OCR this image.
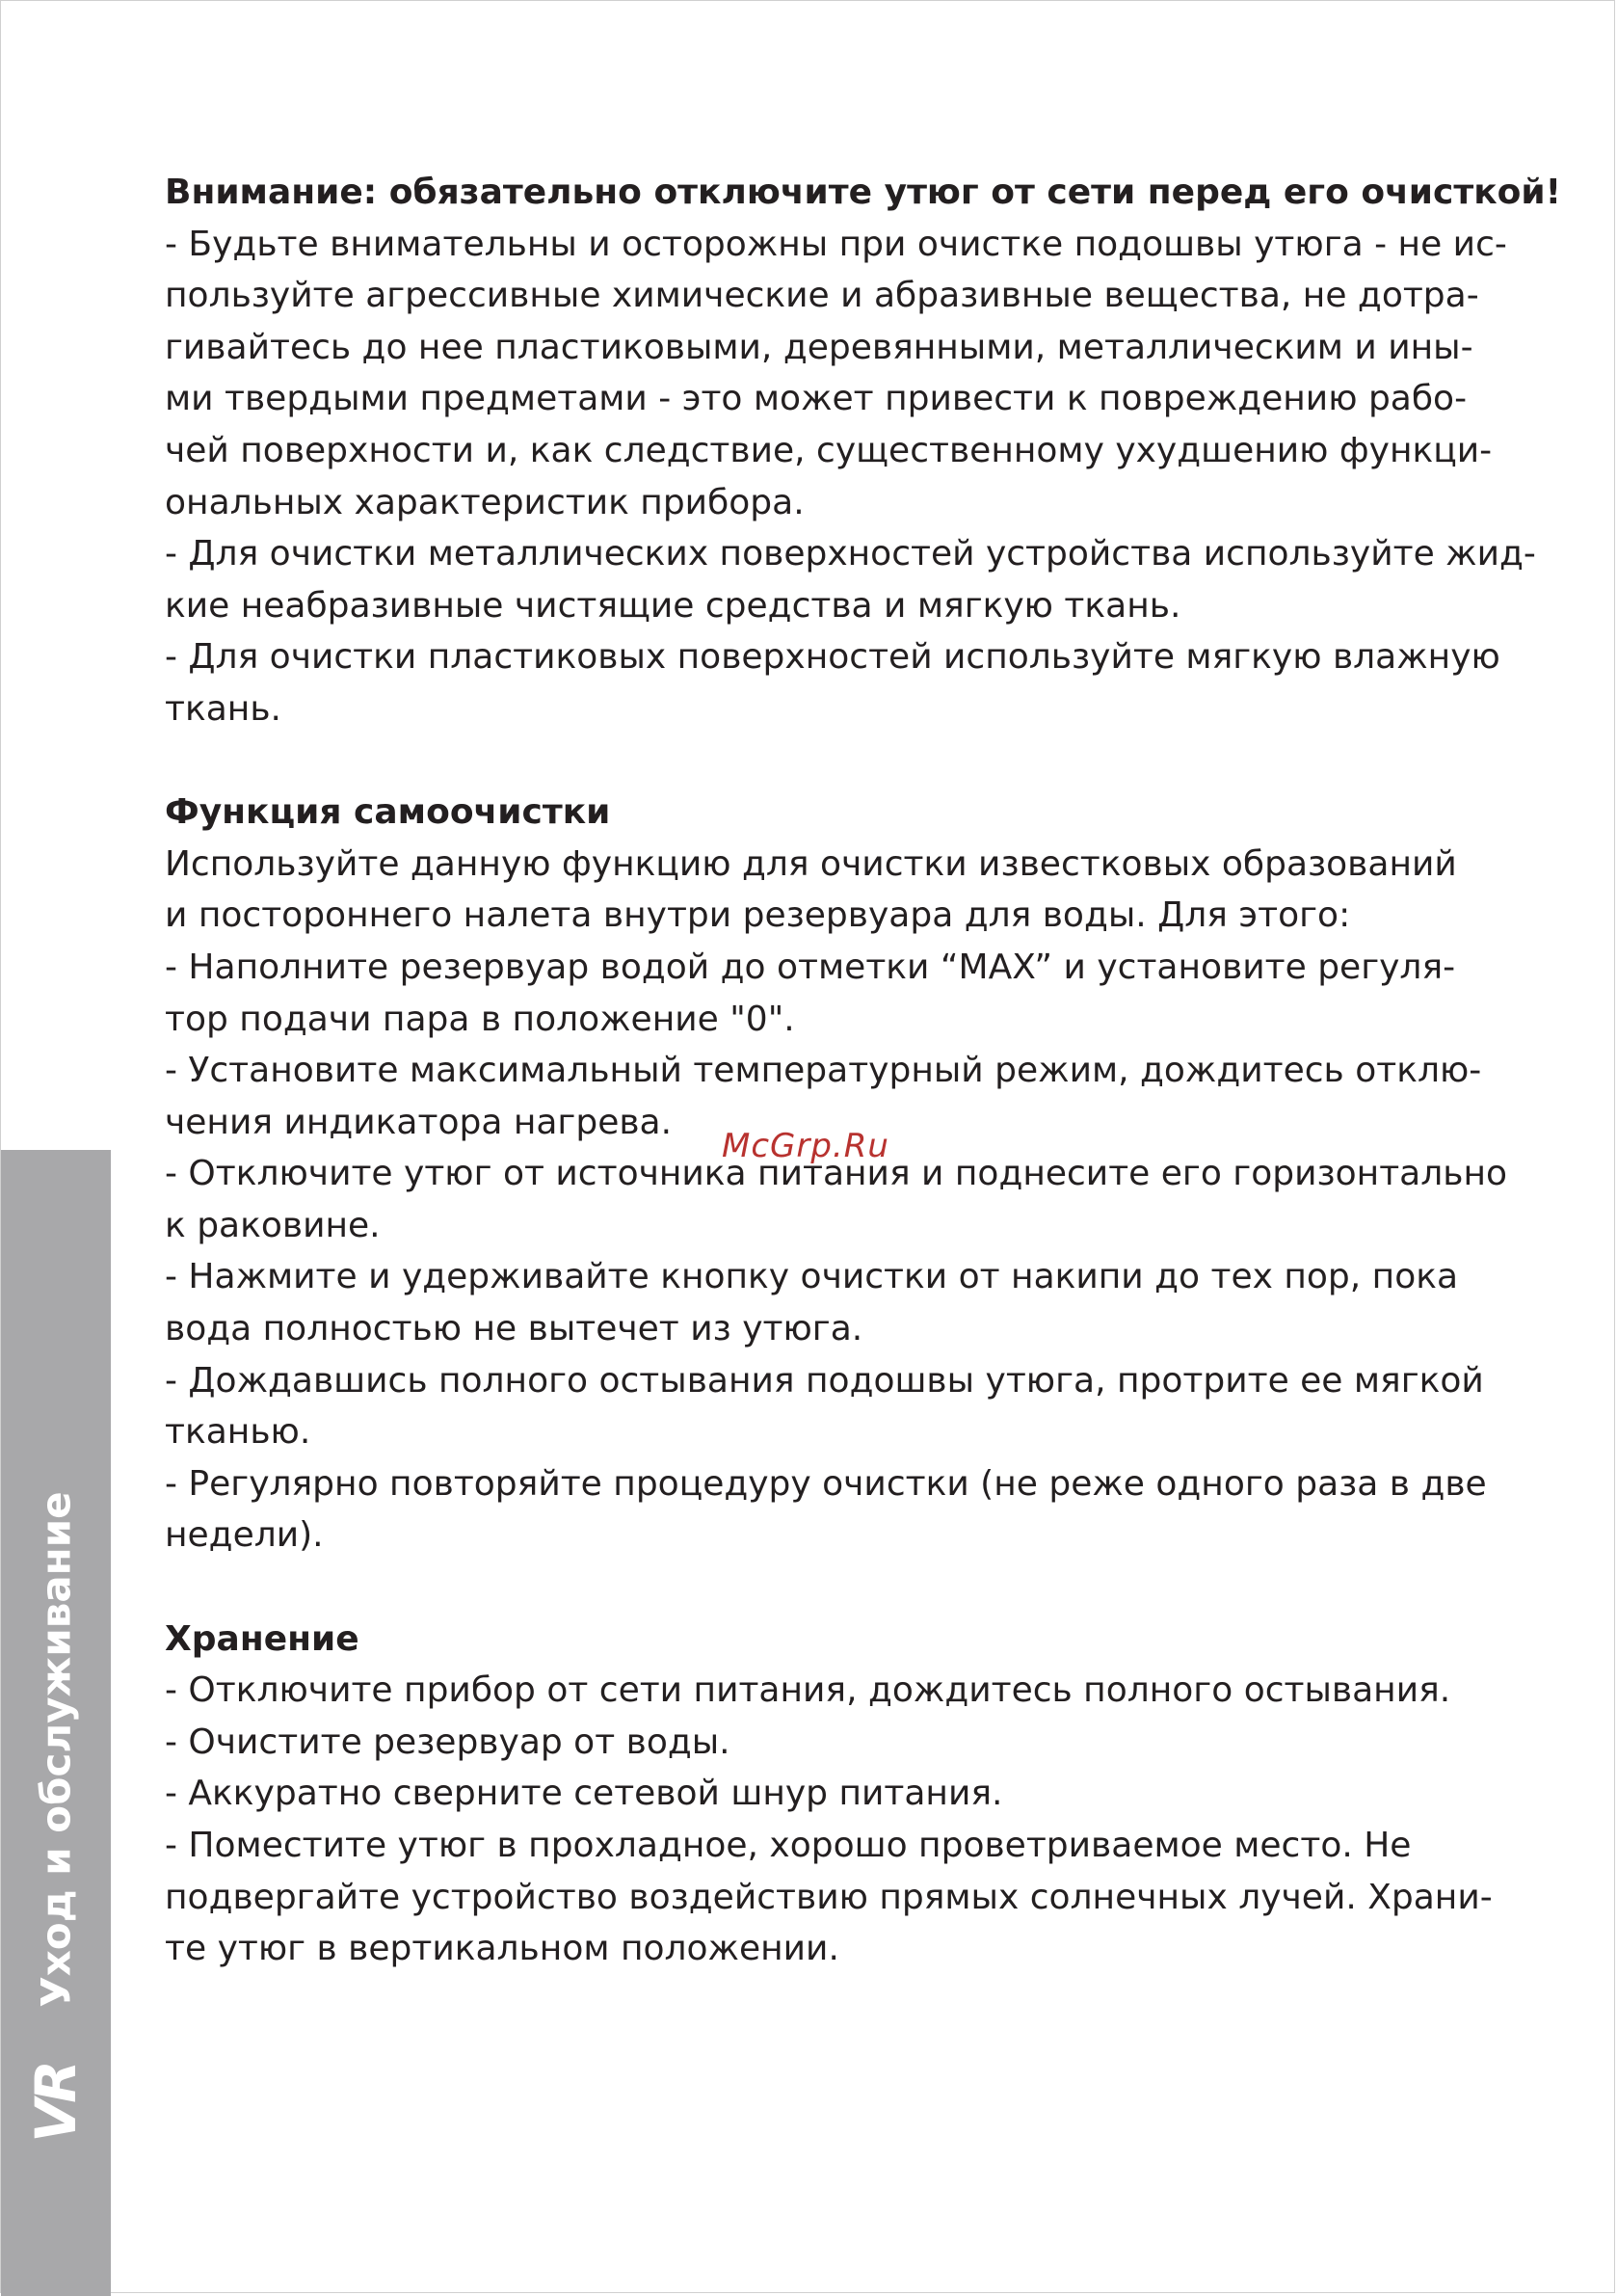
Внимание: обязательно отключите утюг от сети перед его очисткой!

- Будьте внимательны и осторожны при очистке подошвы утюга - не ис-

пользуйте агрессивные химические и абразивные вещества, не дотра-

гивайтесь до нее пластиковыми, деревянными, металлическим и ины-

ми твердыми предметами - это может привести к повреждению рабо-

чей поверхности и, как следствие, существенному ухудшению функци-

ональных характеристик прибора.

- Для очистки металлических поверхностей устройства используйте жид-

кие неабразивные чистящие средства и мягкую ткань.

- Для очистки пластиковых поверхностей используйте мягкую влажную

ткань.

Функция самоочистки

Используйте данную функцию для очистки известковых образований

и постороннего налета внутри резервуара для воды. Для этого:

- Наполните резервуар водой до отметки “MAX” и установите регуля-

тор подачи пара в положение "0".

- Установите максимальный температурный режим, дождитесь отклю-

чения индикатора нагрева.

- Отключите утюг от источника питания и поднесите его горизонтально

к раковине.

- Нажмите и удерживайте кнопку очистки от накипи до тех пор, пока

вода полностью не вытечет из утюга.

- Дождавшись полного остывания подошвы утюга, протрите ее мягкой

тканью.

- Регулярно повторяйте процедуру очистки (не реже одного раза в две

недели).

Хранение

- Отключите прибор от сети питания, дождитесь полного остывания.

- Очистите резервуар от воды.

- Аккуратно сверните сетевой шнур питания.

- Поместите утюг в прохладное, хорошо проветриваемое место. Не

подвергайте устройство воздействию прямых солнечных лучей. Храни-

те утюг в вертикальном положении.

McGrp.Ru
Уход и обслуживание
VR
